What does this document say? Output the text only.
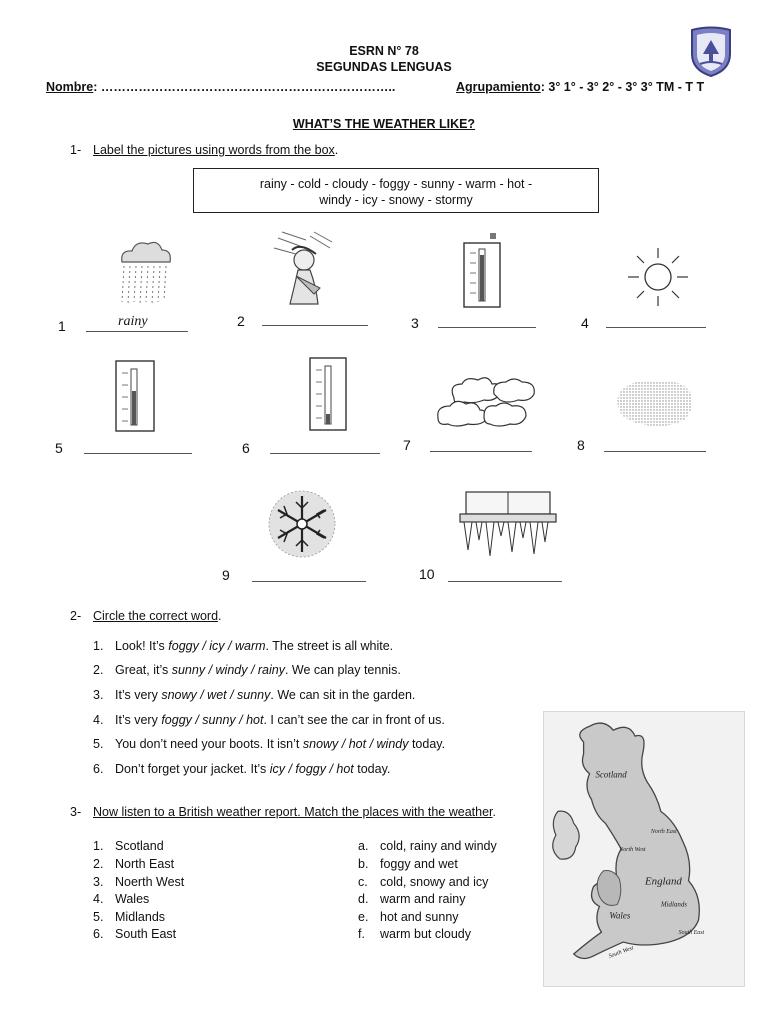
ESRN N° 78
SEGUNDAS LENGUAS
Nombre: ……………………………………………………………..	Agrupamiento: 3° 1° - 3° 2° - 3° 3° TM - T T
WHAT’S THE WEATHER LIKE?
1- Label the pictures using words from the box.
rainy - cold - cloudy - foggy - sunny - warm - hot -
windy - icy - snowy - stormy
1	rainy	2	3	4
5	6	7	8
9	10
2- Circle the correct word.
1. Look! It’s foggy / icy / warm. The street is all white.
2. Great, it’s sunny / windy / rainy. We can play tennis.
3. It’s very snowy / wet / sunny. We can sit in the garden.
4. It’s very foggy / sunny / hot. I can’t see the car in front of us.
5. You don’t need your boots. It isn’t snowy / hot / windy today.
6. Don’t forget your jacket. It’s icy / foggy / hot today.
3- Now listen to a British weather report. Match the places with the weather.
1. Scotland
2. North East
3. Noerth West
4. Wales
5. Midlands
6. South East
a. cold, rainy and windy
b. foggy and wet
c. cold, snowy and icy
d. warm and rainy
e. hot and sunny
f. warm but cloudy
Scotland
North East
North West
England
Midlands
Wales
South West
South East
